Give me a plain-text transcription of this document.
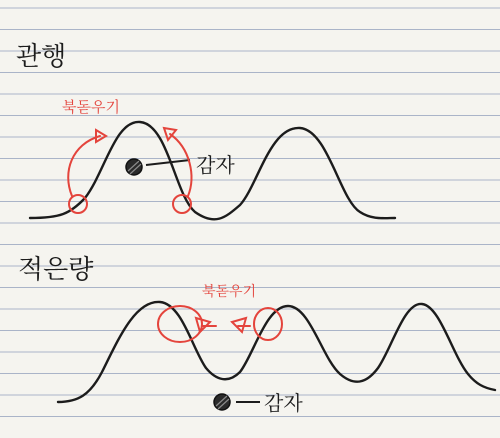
관행
감자
북돋우기
적은량
감자
북돋우기
